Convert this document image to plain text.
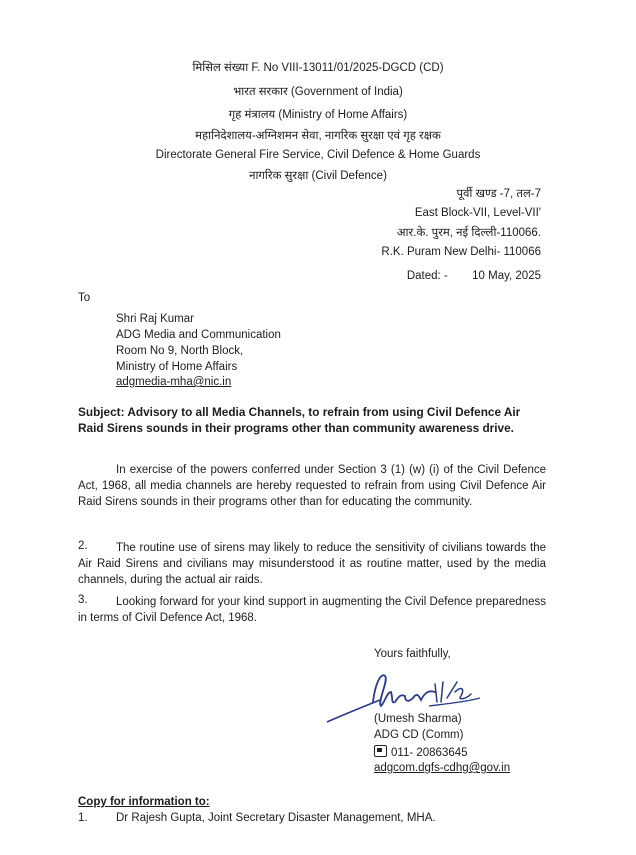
मिसिल संख्या F. No VIII-13011/01/2025-DGCD (CD)
भारत सरकार (Government of India)
गृह मंत्रालय (Ministry of Home Affairs)
महानिदेशालय-अग्निशमन सेवा, नागरिक सुरक्षा एवं गृह रक्षक
Directorate General Fire Service, Civil Defence & Home Guards
नागरिक सुरक्षा (Civil Defence)
पूर्वी खण्ड -7, तल-7
East Block-VII, Level-VII'
आर.के. पुरम, नई दिल्ली-110066.
R.K. Puram New Delhi- 110066
Dated: - 10 May, 2025
To
Shri Raj Kumar
ADG Media and Communication
Room No 9, North Block,
Ministry of Home Affairs
adgmedia-mha@nic.in

Subject: Advisory to all Media Channels, to refrain from using Civil Defence Air Raid Sirens sounds in their programs other than community awareness drive.

In exercise of the powers conferred under Section 3 (1) (w) (i) of the Civil Defence Act, 1968, all media channels are hereby requested to refrain from using Civil Defence Air Raid Sirens sounds in their programs other than for educating the community.

2.	The routine use of sirens may likely to reduce the sensitivity of civilians towards the Air Raid Sirens and civilians may misunderstood it as routine matter, used by the media channels, during the actual air raids.

3.	Looking forward for your kind support in augmenting the Civil Defence preparedness in terms of Civil Defence Act, 1968.

Yours faithfully,
(Umesh Sharma)
ADG CD (Comm)
011- 20863645
adgcom.dgfs-cdhg@gov.in
Copy for information to:
1. Dr Rajesh Gupta, Joint Secretary Disaster Management, MHA.
